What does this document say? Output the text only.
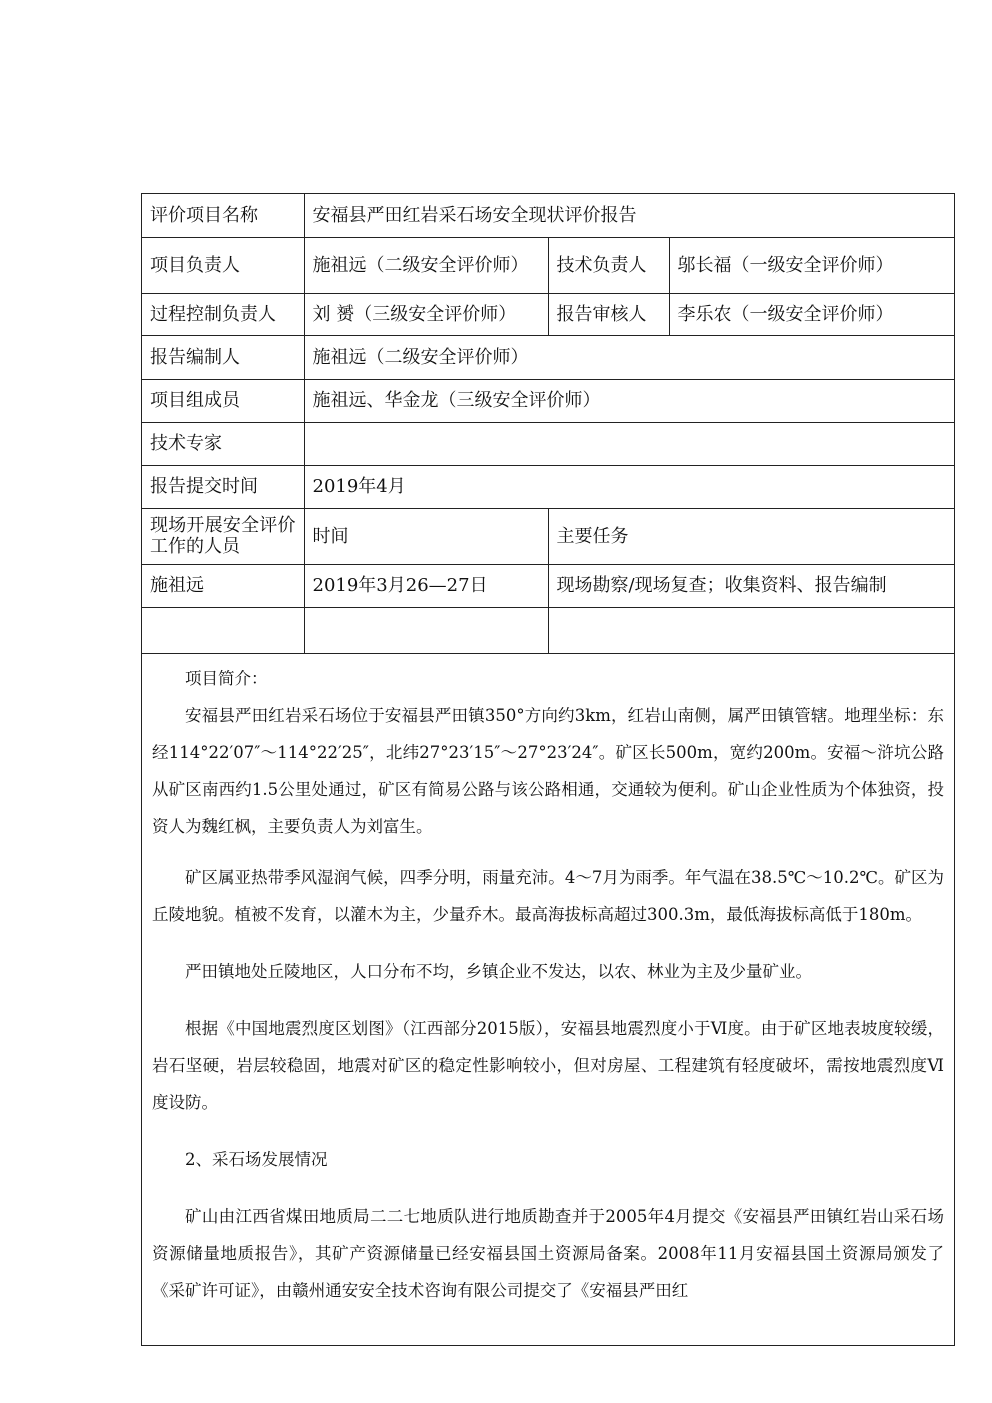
评价项目名称	安福县严田红岩采石场安全现状评价报告		
项目负责人	施祖远（二级安全评价师）	技术负责人	邬长福（一级安全评价师）
过程控制负责人	刘 赟（三级安全评价师）	报告审核人	李乐农（一级安全评价师）
报告编制人	施祖远（二级安全评价师）		
项目组成员	施祖远、华金龙（三级安全评价师）		
技术专家			
报告提交时间	2019年4月		
现场开展安全评价工作的人员	时间	主要任务	
施祖远	2019年3月26—27日	现场勘察/现场复查；收集资料、报告编制	

项目简介：

安福县严田红岩采石场位于安福县严田镇350°方向约3km，红岩山南侧，属严田镇管辖。地理坐标：东经114°22′07″～114°22′25″，北纬27°23′15″～27°23′24″。矿区长500m，宽约200m。安福～浒坑公路从矿区南西约1.5公里处通过，矿区有简易公路与该公路相通，交通较为便利。矿山企业性质为个体独资，投资人为魏红枫，主要负责人为刘富生。

矿区属亚热带季风湿润气候，四季分明，雨量充沛。4～7月为雨季。年气温在38.5℃～10.2℃。矿区为丘陵地貌。植被不发育，以灌木为主，少量乔木。最高海拔标高超过300.3m，最低海拔标高低于180m。

严田镇地处丘陵地区，人口分布不均，乡镇企业不发达，以农、林业为主及少量矿业。

根据《中国地震烈度区划图》（江西部分2015版），安福县地震烈度小于Ⅵ度。由于矿区地表坡度较缓，岩石坚硬，岩层较稳固，地震对矿区的稳定性影响较小，但对房屋、工程建筑有轻度破坏，需按地震烈度Ⅵ度设防。

2、采石场发展情况

矿山由江西省煤田地质局二二七地质队进行地质勘查并于2005年4月提交《安福县严田镇红岩山采石场资源储量地质报告》，其矿产资源储量已经安福县国土资源局备案。2008年11月安福县国土资源局颁发了《采矿许可证》，由赣州通安安全技术咨询有限公司提交了《安福县严田红
